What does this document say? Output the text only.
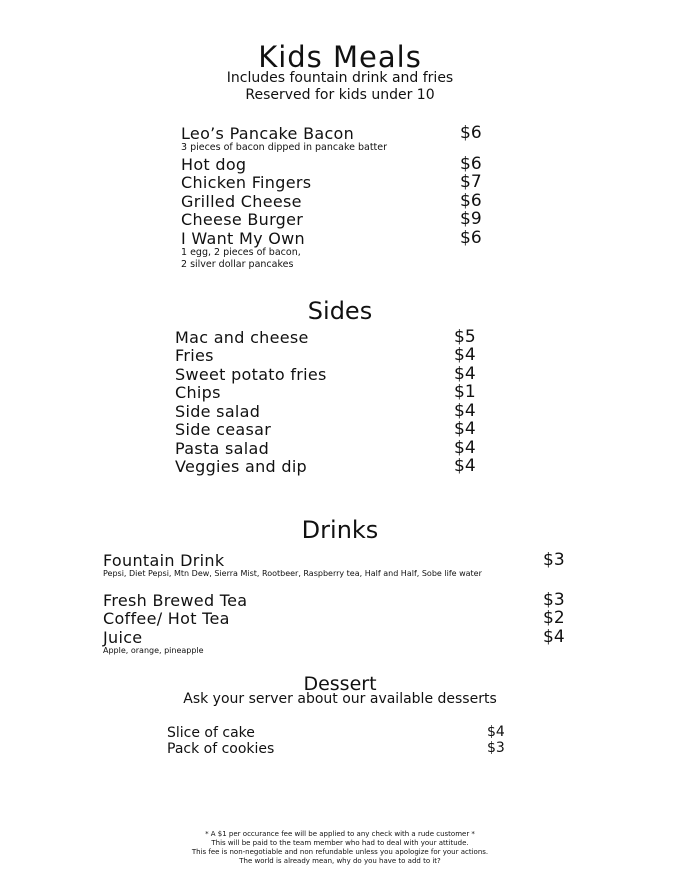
Kids Meals
Includes fountain drink and fries
Reserved for kids under 10
Leo’s Pancake Bacon	$6
3 pieces of bacon dipped in pancake batter
Hot dog	$6
Chicken Fingers	$7
Grilled Cheese	$6
Cheese Burger	$9
I Want My Own	$6
1 egg, 2 pieces of bacon,
2 silver dollar pancakes
Sides
Mac and cheese	$5
Fries	$4
Sweet potato fries	$4
Chips	$1
Side salad	$4
Side ceasar	$4
Pasta salad	$4
Veggies and dip	$4
Drinks
Fountain Drink	$3
Pepsi, Diet Pepsi, Mtn Dew, Sierra Mist, Rootbeer, Raspberry tea, Half and Half, Sobe life water
Fresh Brewed Tea	$3
Coffee/ Hot Tea	$2
Juice	$4
Apple, orange, pineapple
Dessert
Ask your server about our available desserts
Slice of cake	$4
Pack of cookies	$3
* A $1 per occurance fee will be applied to any check with a rude customer *
This will be paid to the team member who had to deal with your attitude.
This fee is non-negotiable and non refundable unless you apologize for your actions.
The world is already mean, why do you have to add to it?
